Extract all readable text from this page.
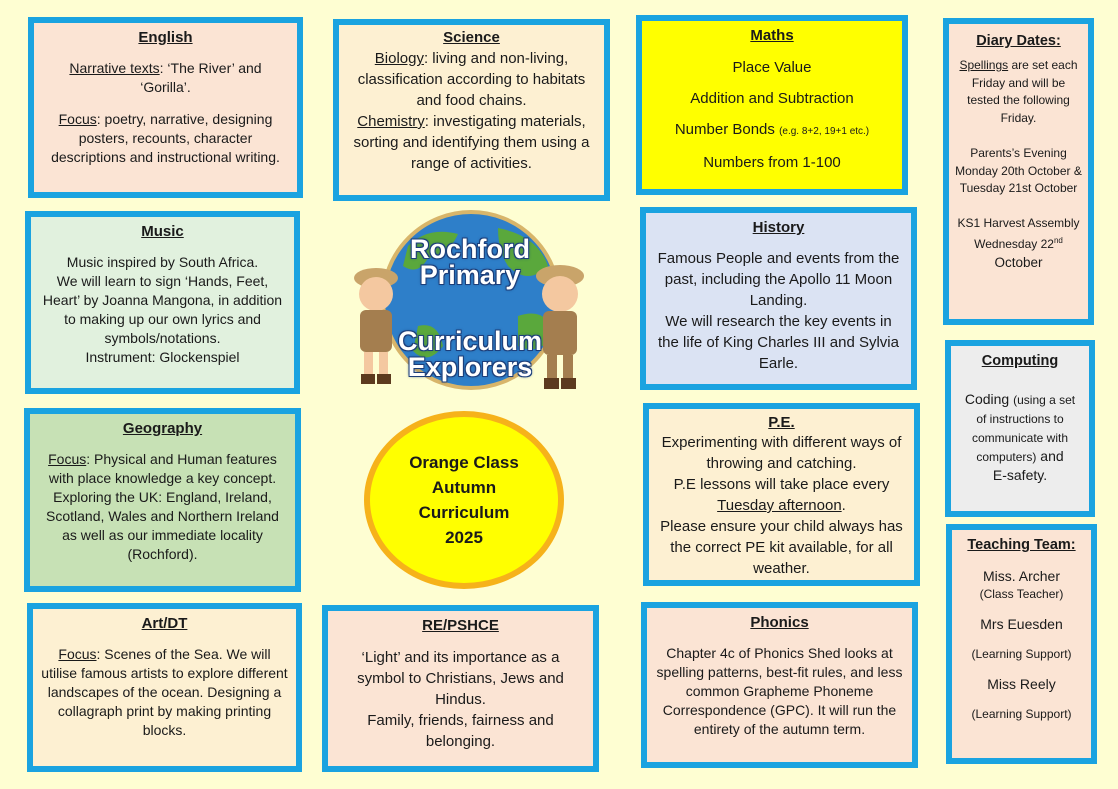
English

Narrative texts: ‘The River’ and ‘Gorilla’.

Focus: poetry, narrative, designing posters, recounts, character descriptions and instructional writing.

Science

Biology: living and non-living, classification according to habitats and food chains.

Chemistry: investigating materials, sorting and identifying them using a range of activities.

Maths

Place Value

Addition and Subtraction

Number Bonds (e.g. 8+2, 19+1 etc.)

Numbers from 1-100

Diary Dates:

Spellings are set each Friday and will be tested the following Friday.

Parents’s Evening Monday 20th October & Tuesday 21st October

KS1 Harvest Assembly Wednesday 22nd
October

Music

Music inspired by South Africa.

We will learn to sign ‘Hands, Feet, Heart’ by Joanna Mangona, in addition to making up our own lyrics and symbols/notations.

Instrument: Glockenspiel

Rochford
Primary
Curriculum
Explorers
History

Famous People and events from the past, including the Apollo 11 Moon Landing.

We will research the key events in the life of King Charles III and Sylvia Earle.	Computing

Coding (using a set of instructions to communicate with computers) and
E-safety.

Geography

Focus: Physical and Human features with place knowledge a key concept. Exploring the UK: England, Ireland, Scotland, Wales and Northern Ireland as well as our immediate locality (Rochford).

Orange Class
Autumn
Curriculum
2025
P.E.

Experimenting with different ways of throwing and catching.

P.E lessons will take place every Tuesday afternoon.

Please ensure your child always has the correct PE kit available, for all weather.

Teaching Team:

Miss. Archer

(Class Teacher)

Mrs Euesden

(Learning Support)

Miss Reely

(Learning Support)

Art/DT

Focus: Scenes of the Sea. We will utilise famous artists to explore different landscapes of the ocean. Designing a collagraph print by making printing blocks.

RE/PSHCE

‘Light’ and its importance as a symbol to Christians, Jews and Hindus.

Family, friends, fairness and belonging.

Phonics

Chapter 4c of Phonics Shed looks at spelling patterns, best-fit rules, and less common Grapheme Phoneme Correspondence (GPC). It will run the entirety of the autumn term.
